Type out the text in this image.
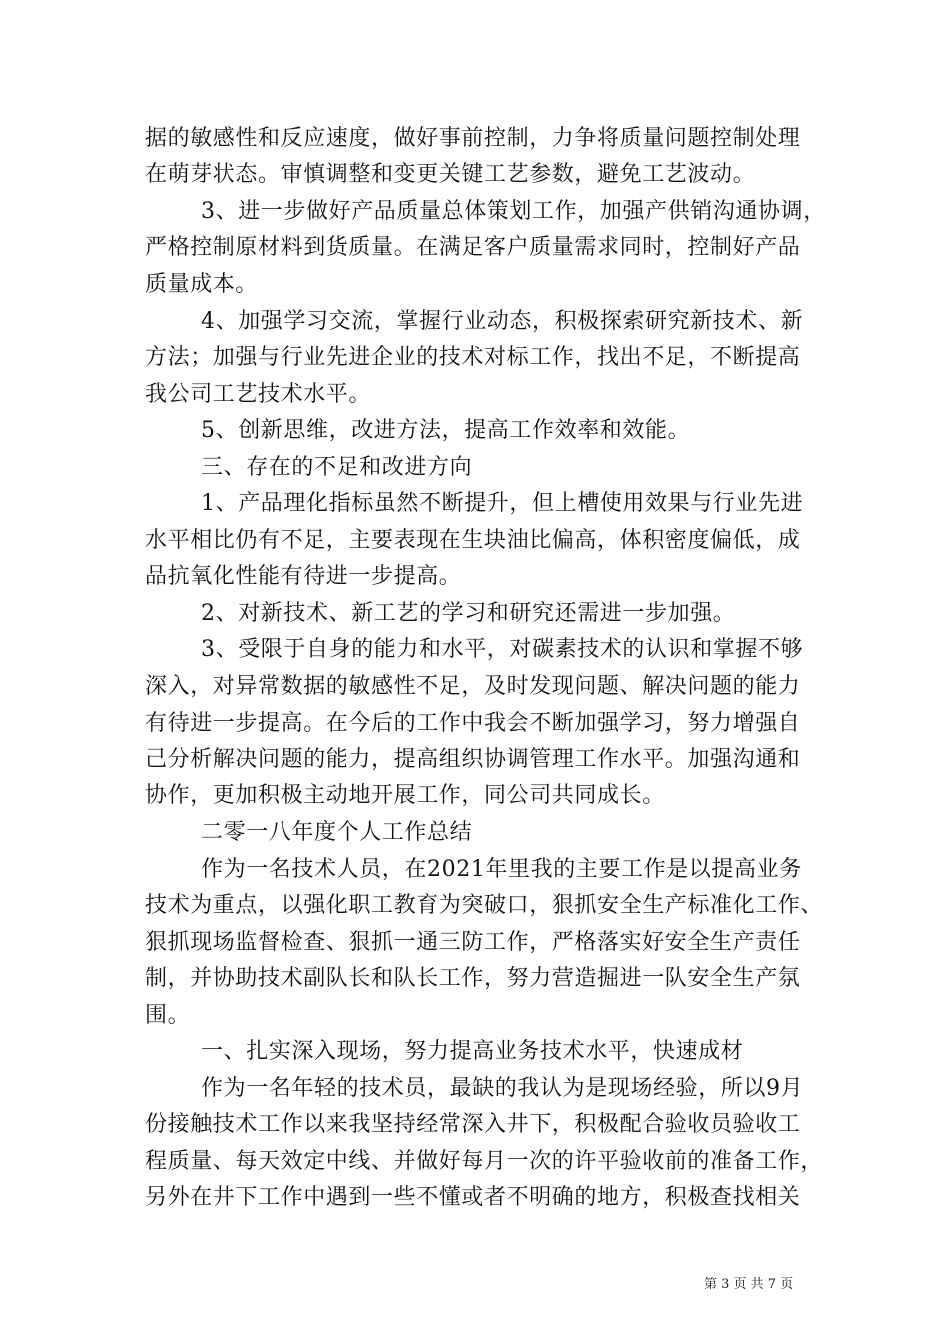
据的敏感性和反应速度，做好事前控制，力争将质量问题控制处理
在萌芽状态。审慎调整和变更关键工艺参数，避免工艺波动。
3、进一步做好产品质量总体策划工作，加强产供销沟通协调，
严格控制原材料到货质量。在满足客户质量需求同时，控制好产品
质量成本。
4、加强学习交流，掌握行业动态，积极探索研究新技术、新
方法；加强与行业先进企业的技术对标工作，找出不足，不断提高
我公司工艺技术水平。
5、创新思维，改进方法，提高工作效率和效能。
三、存在的不足和改进方向
1、产品理化指标虽然不断提升，但上槽使用效果与行业先进
水平相比仍有不足，主要表现在生块油比偏高，体积密度偏低，成
品抗氧化性能有待进一步提高。
2、对新技术、新工艺的学习和研究还需进一步加强。
3、受限于自身的能力和水平，对碳素技术的认识和掌握不够
深入，对异常数据的敏感性不足，及时发现问题、解决问题的能力
有待进一步提高。在今后的工作中我会不断加强学习，努力增强自
己分析解决问题的能力，提高组织协调管理工作水平。加强沟通和
协作，更加积极主动地开展工作，同公司共同成长。
二零一八年度个人工作总结
作为一名技术人员，在2021年里我的主要工作是以提高业务
技术为重点，以强化职工教育为突破口，狠抓安全生产标准化工作、
狠抓现场监督检查、狠抓一通三防工作，严格落实好安全生产责任
制，并协助技术副队长和队长工作，努力营造掘进一队安全生产氛
围。
一、扎实深入现场，努力提高业务技术水平，快速成材
作为一名年轻的技术员，最缺的我认为是现场经验，所以9月
份接触技术工作以来我坚持经常深入井下，积极配合验收员验收工
程质量、每天效定中线、并做好每月一次的许平验收前的准备工作，
另外在井下工作中遇到一些不懂或者不明确的地方，积极查找相关
第 3 页 共 7 页
